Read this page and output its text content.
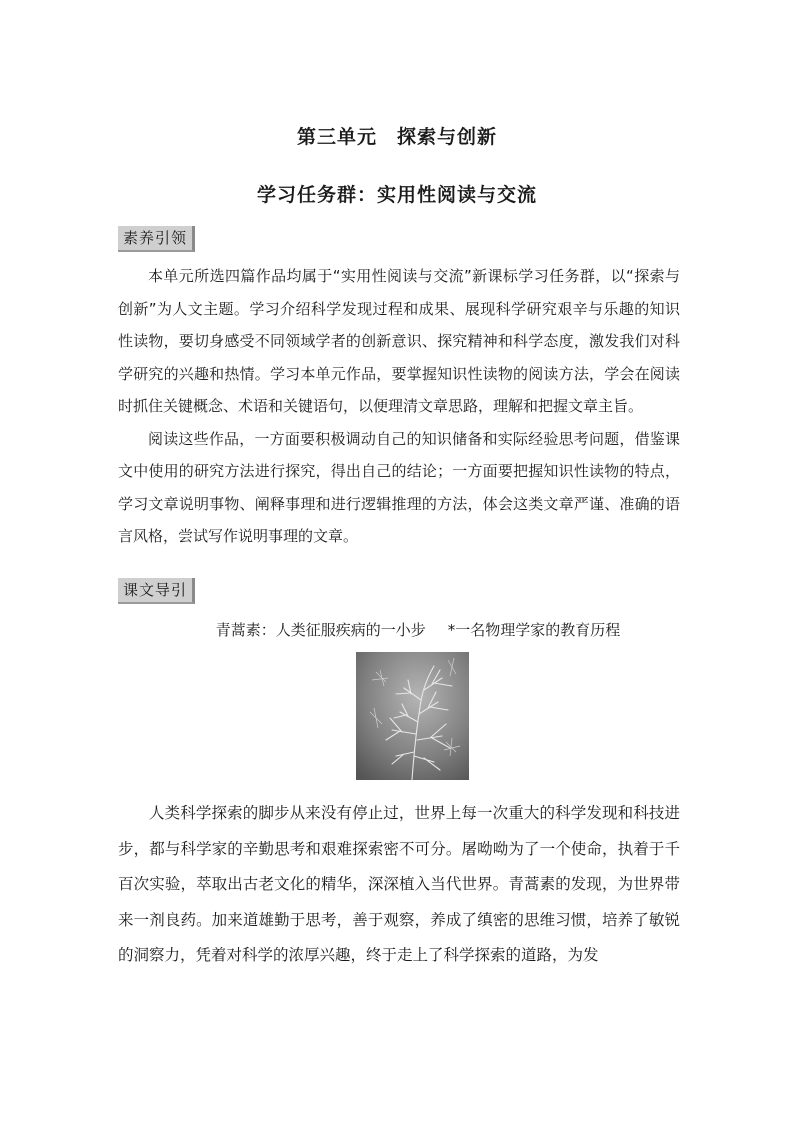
第三单元　探索与创新
学习任务群：实用性阅读与交流
素养引领

本单元所选四篇作品均属于“实用性阅读与交流”新课标学习任务群，以“探索与创新”为人文主题。学习介绍科学发现过程和成果、展现科学研究艰辛与乐趣的知识性读物，要切身感受不同领域学者的创新意识、探究精神和科学态度，激发我们对科学研究的兴趣和热情。学习本单元作品，要掌握知识性读物的阅读方法，学会在阅读时抓住关键概念、术语和关键语句，以便理清文章思路，理解和把握文章主旨。

阅读这些作品，一方面要积极调动自己的知识储备和实际经验思考问题，借鉴课文中使用的研究方法进行探究，得出自己的结论；一方面要把握知识性读物的特点，学习文章说明事物、阐释事理和进行逻辑推理的方法，体会这类文章严谨、准确的语言风格，尝试写作说明事理的文章。

课文导引
青蒿素：人类征服疾病的一小步 *一名物理学家的教育历程

人类科学探索的脚步从来没有停止过，世界上每一次重大的科学发现和科技进步，都与科学家的辛勤思考和艰难探索密不可分。屠呦呦为了一个使命，执着于千百次实验，萃取出古老文化的精华，深深植入当代世界。青蒿素的发现，为世界带来一剂良药。加来道雄勤于思考，善于观察，养成了缜密的思维习惯，培养了敏锐的洞察力，凭着对科学的浓厚兴趣，终于走上了科学探索的道路，为发
